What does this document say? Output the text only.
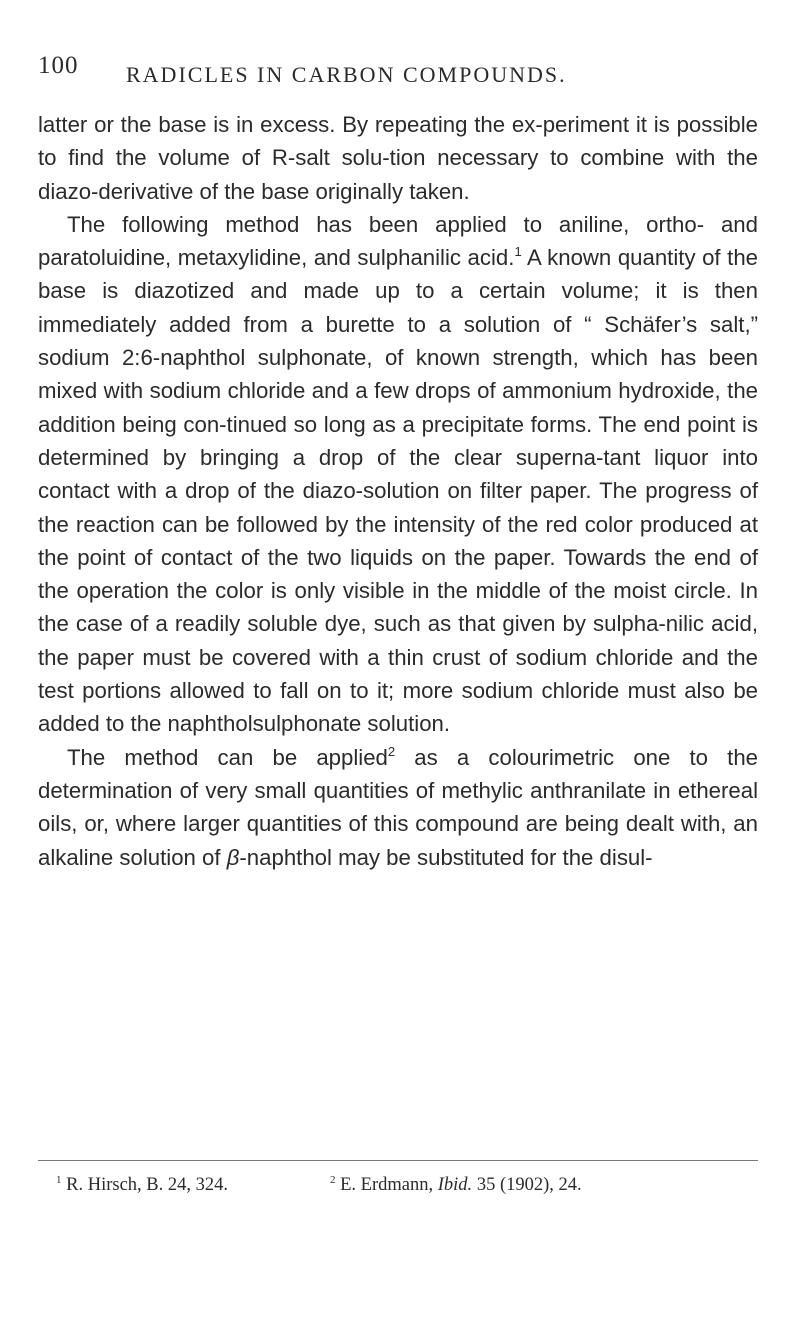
100 RADICLES IN CARBON COMPOUNDS.

latter or the base is in excess. By repeating the ex-periment it is possible to find the volume of R-salt solu-tion necessary to combine with the diazo-derivative of the base originally taken.

The following method has been applied to aniline, ortho- and paratoluidine, metaxylidine, and sulphanilic acid.$^1$ A known quantity of the base is diazotized and made up to a certain volume; it is then immediately added from a burette to a solution of “ Schäfer’s salt,” sodium 2:6-naphthol sulphonate, of known strength, which has been mixed with sodium chloride and a few drops of ammonium hydroxide, the addition being con-tinued so long as a precipitate forms. The end point is determined by bringing a drop of the clear superna-tant liquor into contact with a drop of the diazo-solution on filter paper. The progress of the reaction can be followed by the intensity of the red color produced at the point of contact of the two liquids on the paper. Towards the end of the operation the color is only visible in the middle of the moist circle. In the case of a readily soluble dye, such as that given by sulpha-nilic acid, the paper must be covered with a thin crust of sodium chloride and the test portions allowed to fall on to it; more sodium chloride must also be added to the naphtholsulphonate solution.

The method can be applied$^2$ as a colourimetric one to the determination of very small quantities of methylic anthranilate in ethereal oils, or, where larger quantities of this compound are being dealt with, an alkaline solution of β-naphthol may be substituted for the disul-

$^1$ R. Hirsch, B. 24, 324.	$^2$ E. Erdmann, Ibid. 35 (1902), 24.
